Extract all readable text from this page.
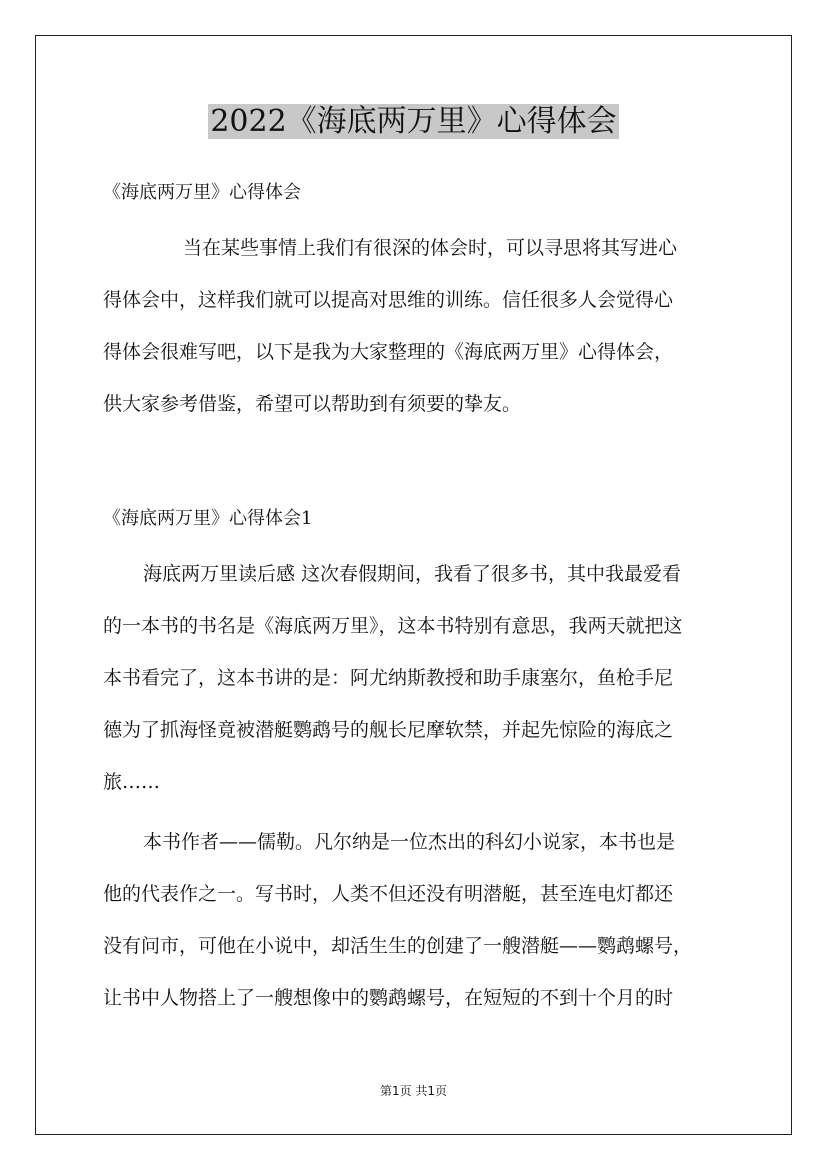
2022《海底两万里》心得体会

《海底两万里》心得体会

当在某些事情上我们有很深的体会时，可以寻思将其写进心
得体会中，这样我们就可以提高对思维的训练。信任很多人会觉得心
得体会很难写吧，以下是我为大家整理的《海底两万里》心得体会，
供大家参考借鉴，希望可以帮助到有须要的挚友。

《海底两万里》心得体会1

海底两万里读后感 这次春假期间，我看了很多书，其中我最爱看
的一本书的书名是《海底两万里》，这本书特别有意思，我两天就把这
本书看完了，这本书讲的是：阿尤纳斯教授和助手康塞尔，鱼枪手尼
德为了抓海怪竟被潜艇鹦鹉号的舰长尼摩软禁，并起先惊险的海底之
旅……
本书作者——儒勒。凡尔纳是一位杰出的科幻小说家，本书也是
他的代表作之一。写书时，人类不但还没有明潜艇，甚至连电灯都还
没有问市，可他在小说中，却活生生的创建了一艘潜艇——鹦鹉螺号，
让书中人物搭上了一艘想像中的鹦鹉螺号，在短短的不到十个月的时
第1页 共1页
